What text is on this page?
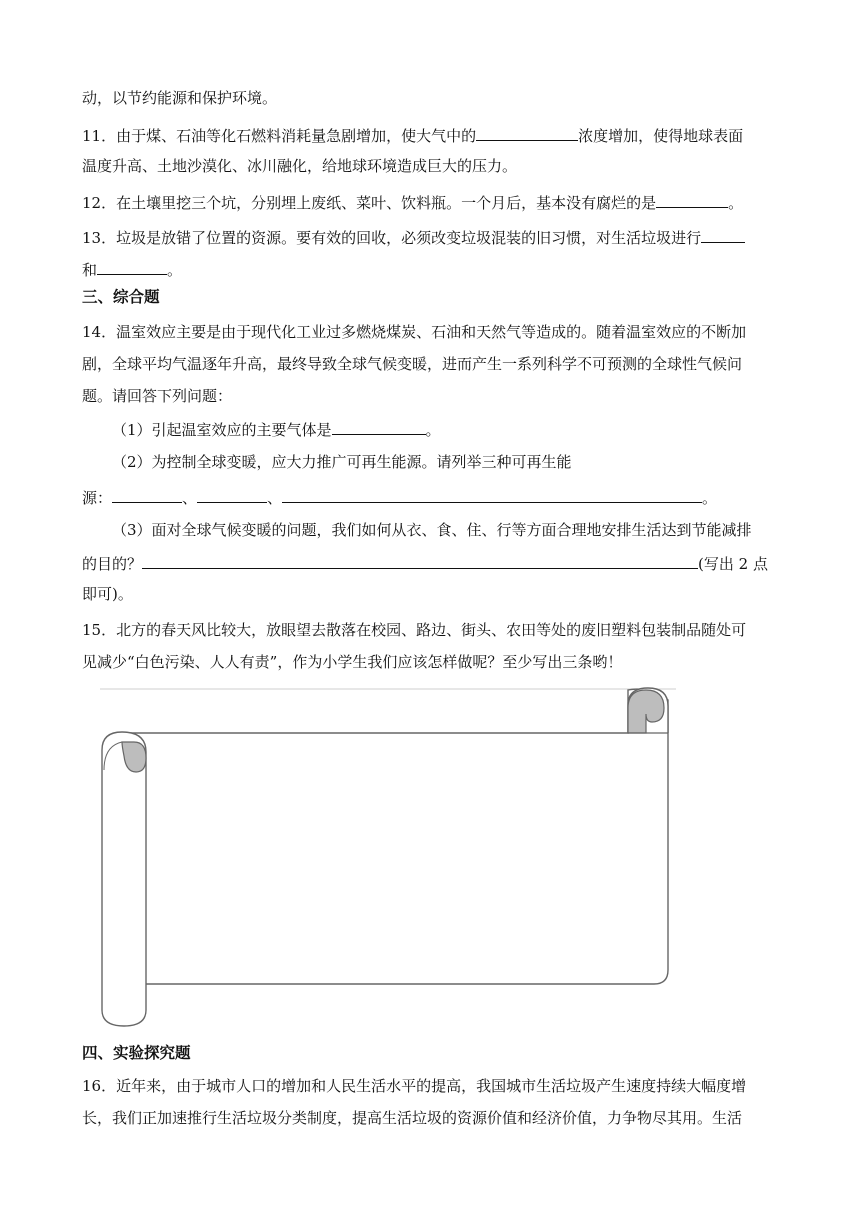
动，以节约能源和保护环境。
11．由于煤、石油等化石燃料消耗量急剧增加，使大气中的	浓度增加，使得地球表面
温度升高、土地沙漠化、冰川融化，给地球环境造成巨大的压力。
12．在土壤里挖三个坑，分别埋上废纸、菜叶、饮料瓶。一个月后，基本没有腐烂的是	。
13．垃圾是放错了位置的资源。要有效的回收，必须改变垃圾混装的旧习惯，对生活垃圾进行
和	。
三、综合题
14．温室效应主要是由于现代化工业过多燃烧煤炭、石油和天然气等造成的。随着温室效应的不断加
剧，全球平均气温逐年升高，最终导致全球气候变暖，进而产生一系列科学不可预测的全球性气候问
题。请回答下列问题：
（1）引起温室效应的主要气体是	。
（2）为控制全球变暖，应大力推广可再生能源。请列举三种可再生能
源：	、	、	。
（3）面对全球气候变暖的问题，我们如何从衣、食、住、行等方面合理地安排生活达到节能减排
的目的？	(写出 2 点
即可)。
15．北方的春天风比较大，放眼望去散落在校园、路边、街头、农田等处的废旧塑料包装制品随处可
见减少“白色污染、人人有责”，作为小学生我们应该怎样做呢？至少写出三条哟！
四、实验探究题
16．近年来，由于城市人口的增加和人民生活水平的提高，我国城市生活垃圾产生速度持续大幅度增
长，我们正加速推行生活垃圾分类制度，提高生活垃圾的资源价值和经济价值，力争物尽其用。生活
